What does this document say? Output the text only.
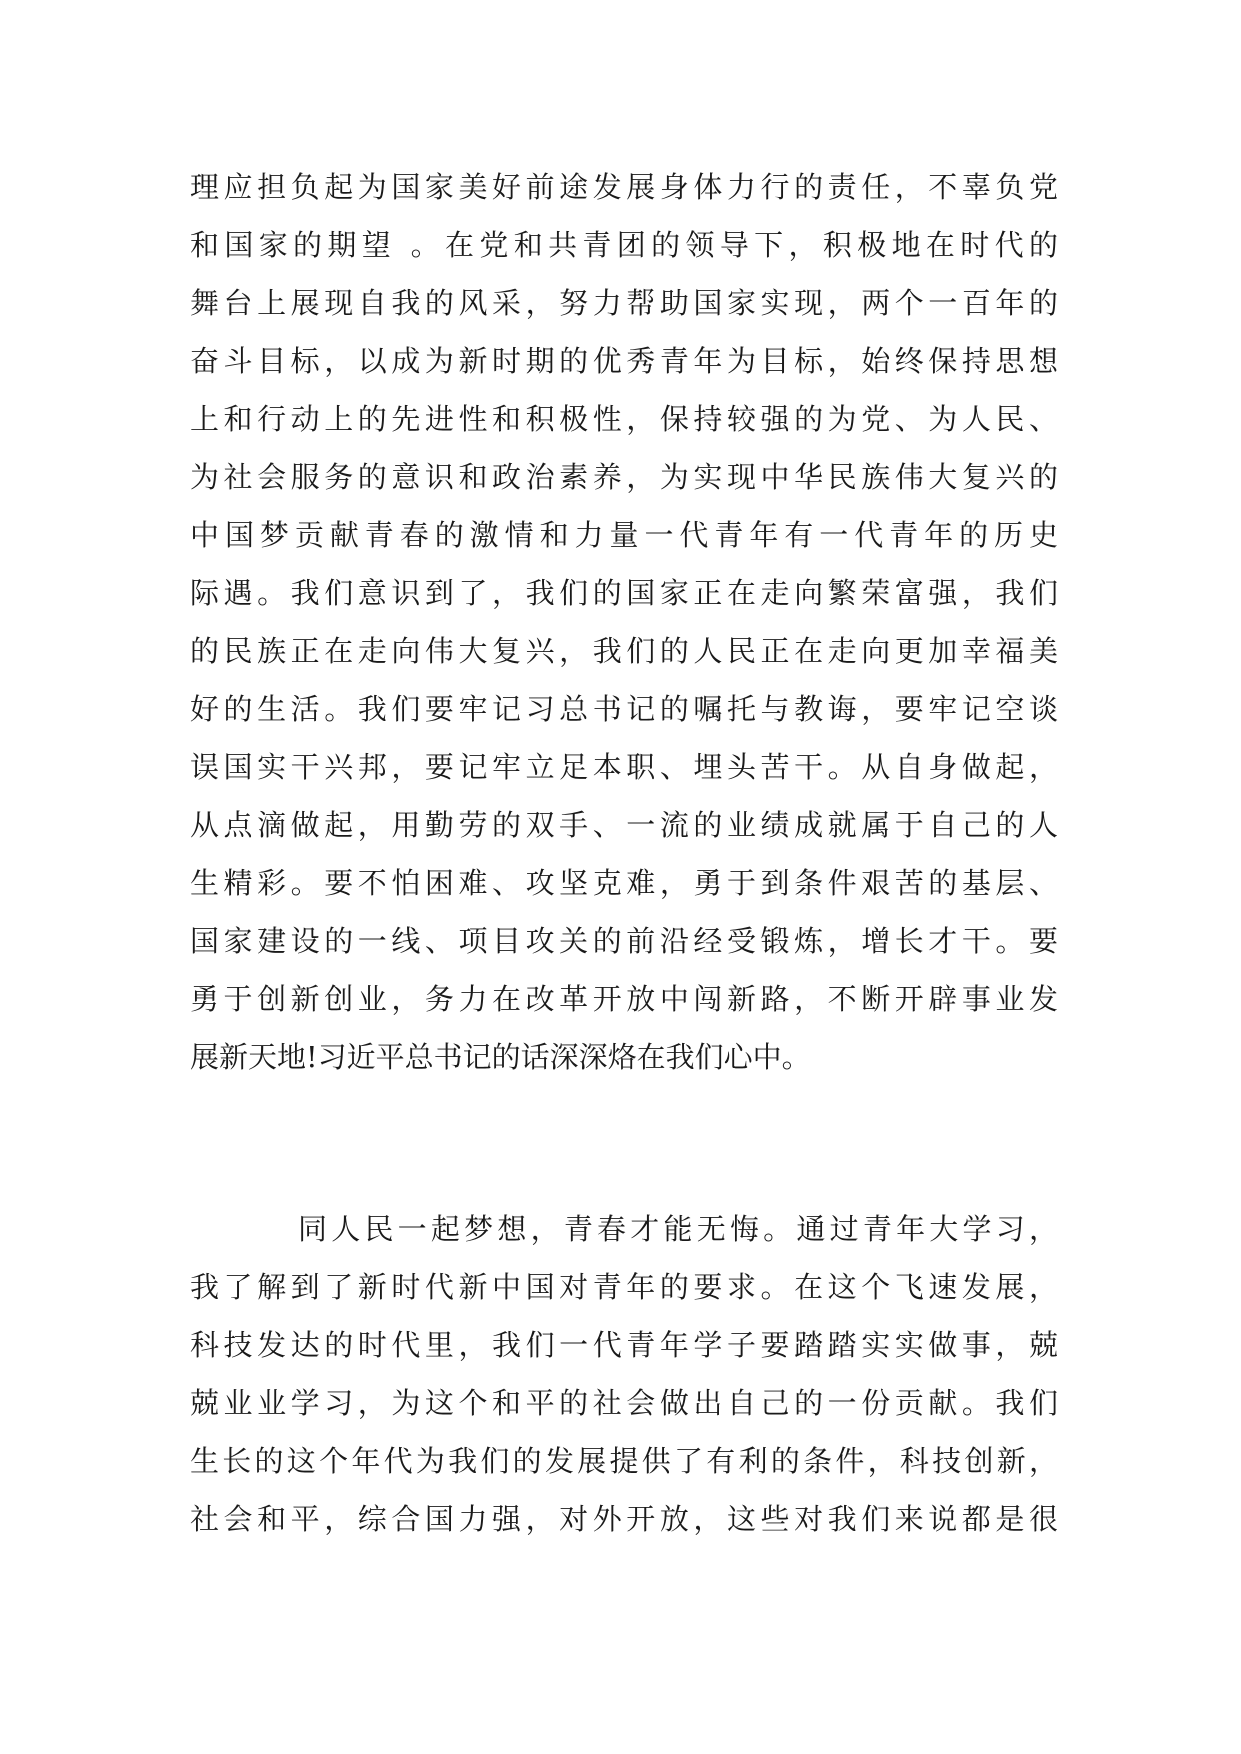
理应担负起为国家美好前途发展身体力行的责任，不辜负党
和国家的期望 。在党和共青团的领导下，积极地在时代的
舞台上展现自我的风采，努力帮助国家实现，两个一百年的
奋斗目标，以成为新时期的优秀青年为目标，始终保持思想
上和行动上的先进性和积极性，保持较强的为党、为人民、
为社会服务的意识和政治素养，为实现中华民族伟大复兴的
中国梦贡献青春的激情和力量一代青年有一代青年的历史
际遇。我们意识到了，我们的国家正在走向繁荣富强，我们
的民族正在走向伟大复兴，我们的人民正在走向更加幸福美
好的生活。我们要牢记习总书记的嘱托与教诲，要牢记空谈
误国实干兴邦，要记牢立足本职、埋头苦干。从自身做起，
从点滴做起，用勤劳的双手、一流的业绩成就属于自己的人
生精彩。要不怕困难、攻坚克难，勇于到条件艰苦的基层、
国家建设的一线、项目攻关的前沿经受锻炼，增长才干。要
勇于创新创业，务力在改革开放中闯新路，不断开辟事业发
展新天地!习近平总书记的话深深烙在我们心中。
同人民一起梦想，青春才能无悔。通过青年大学习，
我了解到了新时代新中国对青年的要求。在这个飞速发展，
科技发达的时代里，我们一代青年学子要踏踏实实做事，兢
兢业业学习，为这个和平的社会做出自己的一份贡献。我们
生长的这个年代为我们的发展提供了有利的条件，科技创新，
社会和平，综合国力强，对外开放，这些对我们来说都是很
